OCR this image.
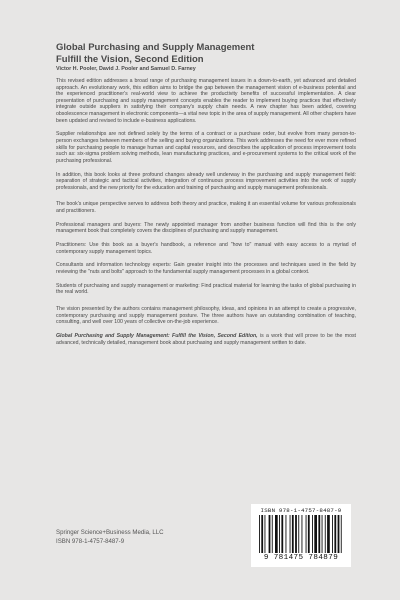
Global Purchasing and Supply Management
Fulfill the Vision, Second Edition
Victor H. Pooler, David J. Pooler and Samuel D. Farney

This revised edition addresses a broad range of purchasing management issues in a down-to-earth, yet advanced and detailed approach. An evolutionary work, this edition aims to bridge the gap between the management vision of e-business potential and the experienced practitioner's real-world view to achieve the productivity benefits of successful implementation. A clear presentation of purchasing and supply management concepts enables the reader to implement buying practices that effectively integrate outside suppliers in satisfying their company's supply chain needs. A new chapter has been added, covering obsolescence management in electronic components—a vital new topic in the area of supply management. All other chapters have been updated and revised to include e-business applications.

Supplier relationships are not defined solely by the terms of a contract or a purchase order, but evolve from many person-to-person exchanges between members of the selling and buying organizations. This work addresses the need for ever more refined skills for purchasing people to manage human and capital resources, and describes the application of process improvement tools such as: six-sigma problem solving methods, lean manufacturing practices, and e-procurement systems to the critical work of the purchasing professional.

In addition, this book looks at three profound changes already well underway in the purchasing and supply management field: separation of strategic and tactical activities, integration of continuous process improvement activities into the work of supply professionals, and the new priority for the education and training of purchasing and supply management professionals.

The book's unique perspective serves to address both theory and practice, making it an essential volume for various professionals and practitioners.

Professional managers and buyers: The newly appointed manager from another business function will find this is the only management book that completely covers the disciplines of purchasing and supply management.

Practitioners: Use this book as a buyer's handbook, a reference and "how to" manual with easy access to a myriad of contemporary supply management topics.

Consultants and information technology experts: Gain greater insight into the processes and techniques used in the field by reviewing the "nuts and bolts" approach to the fundamental supply management processes in a global context.

Students of purchasing and supply management or marketing: Find practical material for learning the tasks of global purchasing in the real world.

The vision presented by the authors contains management philosophy, ideas, and opinions in an attempt to create a progressive, contemporary purchasing and supply management posture. The three authors have an outstanding combination of teaching, consulting, and well over 100 years of collective on-the-job experience.

Global Purchasing and Supply Management: Fulfill the Vision, Second Edition, is a work that will prove to be the most advanced, technically detailed, management book about purchasing and supply management written to date.

Springer Science+Business Media, LLC
ISBN 978-1-4757-8487-9
ISBN 978-1-4757-8487-9
9 781475 784879
